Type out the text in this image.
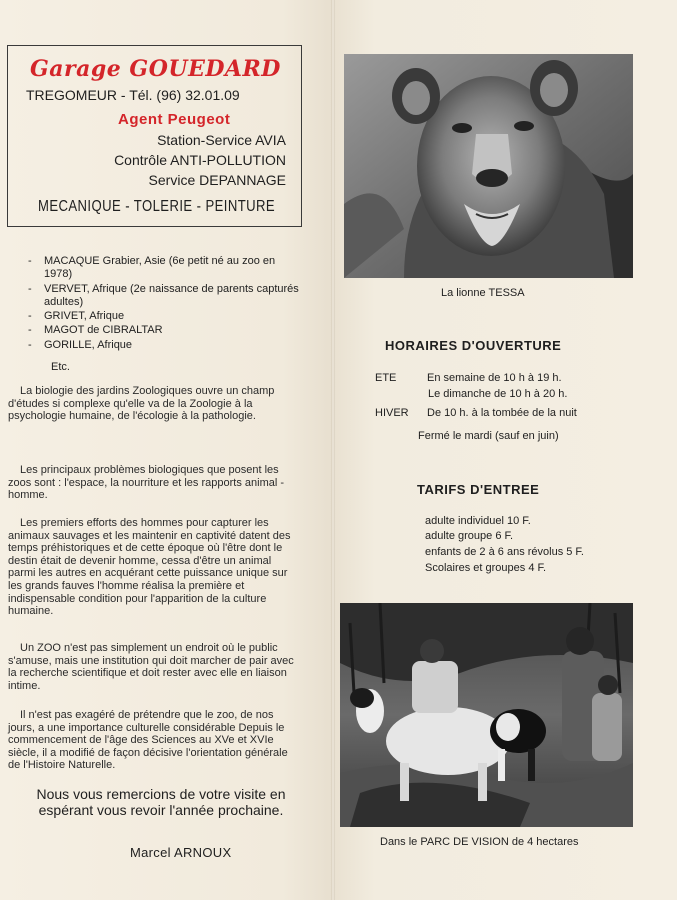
Garage GOUEDARD
TREGOMEUR - Tél. (96) 32.01.09
Agent Peugeot
Station-Service AVIA
Contrôle ANTI-POLLUTION
Service DEPANNAGE
MECANIQUE - TOLERIE - PEINTURE
- MACAQUE Grabier, Asie (6e petit né au zoo en 1978)
- VERVET, Afrique (2e naissance de parents capturés adultes)
- GRIVET, Afrique
- MAGOT de CIBRALTAR
- GORILLE, Afrique
Etc.

La biologie des jardins Zoologiques ouvre un champ d'études si complexe qu'elle va de la Zoologie à la psychologie humaine, de l'écologie à la pathologie.

Les principaux problèmes biologiques que posent les zoos sont : l'espace, la nourriture et les rapports animal - homme.

Les premiers efforts des hommes pour capturer les animaux sauvages et les maintenir en captivité datent des temps préhistoriques et de cette époque où l'être dont le destin était de devenir homme, cessa d'être un animal parmi les autres en acquérant cette puissance unique sur les grands fauves l'homme réalisa la première et indispensable condition pour l'apparition de la culture humaine.

Un ZOO n'est pas simplement un endroit où le public s'amuse, mais une institution qui doit marcher de pair avec la recherche scientifique et doit rester avec elle en liaison intime.

Il n'est pas exagéré de prétendre que le zoo, de nos jours, a une importance culturelle considérable Depuis le commencement de l'âge des Sciences au XVe et XVIe siècle, il a modifié de façon décisive l'orientation générale de l'Histoire Naturelle.

Nous vous remercions de votre visite en espérant vous revoir l'année prochaine.
Marcel ARNOUX
La lionne TESSA
HORAIRES D'OUVERTURE
ETE	En semaine de 10 h à 19 h.
Le dimanche de 10 h à 20 h.
HIVER	De 10 h. à la tombée de la nuit
Fermé le mardi (sauf en juin)
TARIFS D'ENTREE
adulte individuel 10 F.
adulte groupe 6 F.
enfants de 2 à 6 ans révolus 5 F.
Scolaires et groupes 4 F.
Dans le PARC DE VISION de 4 hectares
